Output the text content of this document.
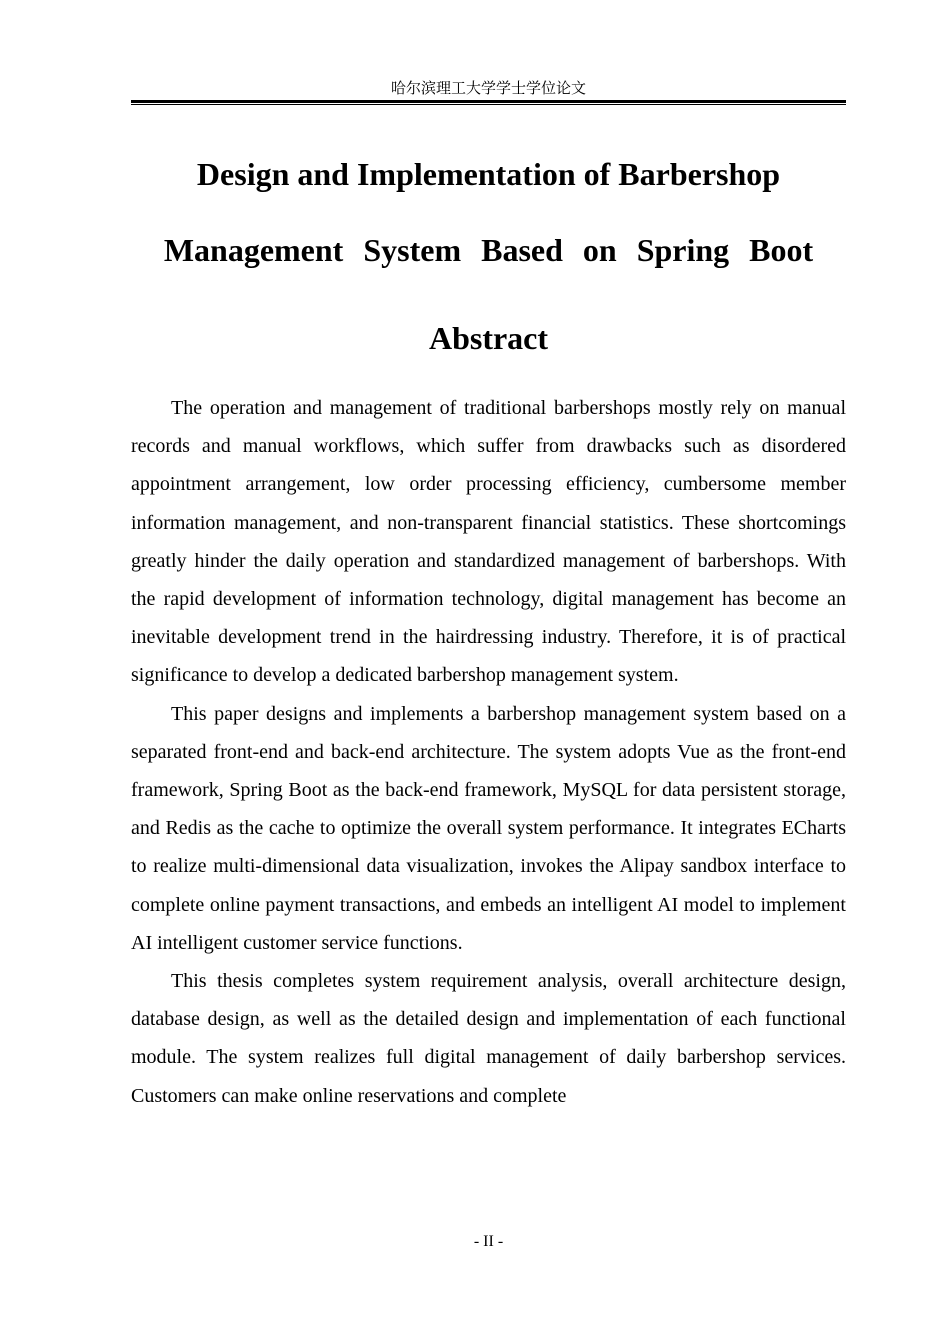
哈尔滨理工大学学士学位论文
Design and Implementation of Barbershop
Management System Based on Spring Boot
Abstract

The operation and management of traditional barbershops mostly rely on manual records and manual workflows, which suffer from drawbacks such as disordered appointment arrangement, low order processing efficiency, cumbersome member information management, and non-transparent financial statistics. These shortcomings greatly hinder the daily operation and standardized management of barbershops. With the rapid development of information technology, digital management has become an inevitable development trend in the hairdressing industry. Therefore, it is of practical significance to develop a dedicated barbershop management system.

This paper designs and implements a barbershop management system based on a separated front-end and back-end architecture. The system adopts Vue as the front-end framework, Spring Boot as the back-end framework, MySQL for data persistent storage, and Redis as the cache to optimize the overall system performance. It integrates ECharts to realize multi-dimensional data visualization, invokes the Alipay sandbox interface to complete online payment transactions, and embeds an intelligent AI model to implement AI intelligent customer service functions.

This thesis completes system requirement analysis, overall architecture design, database design, as well as the detailed design and implementation of each functional module. The system realizes full digital management of daily barbershop services. Customers can make online reservations and complete

- II -
